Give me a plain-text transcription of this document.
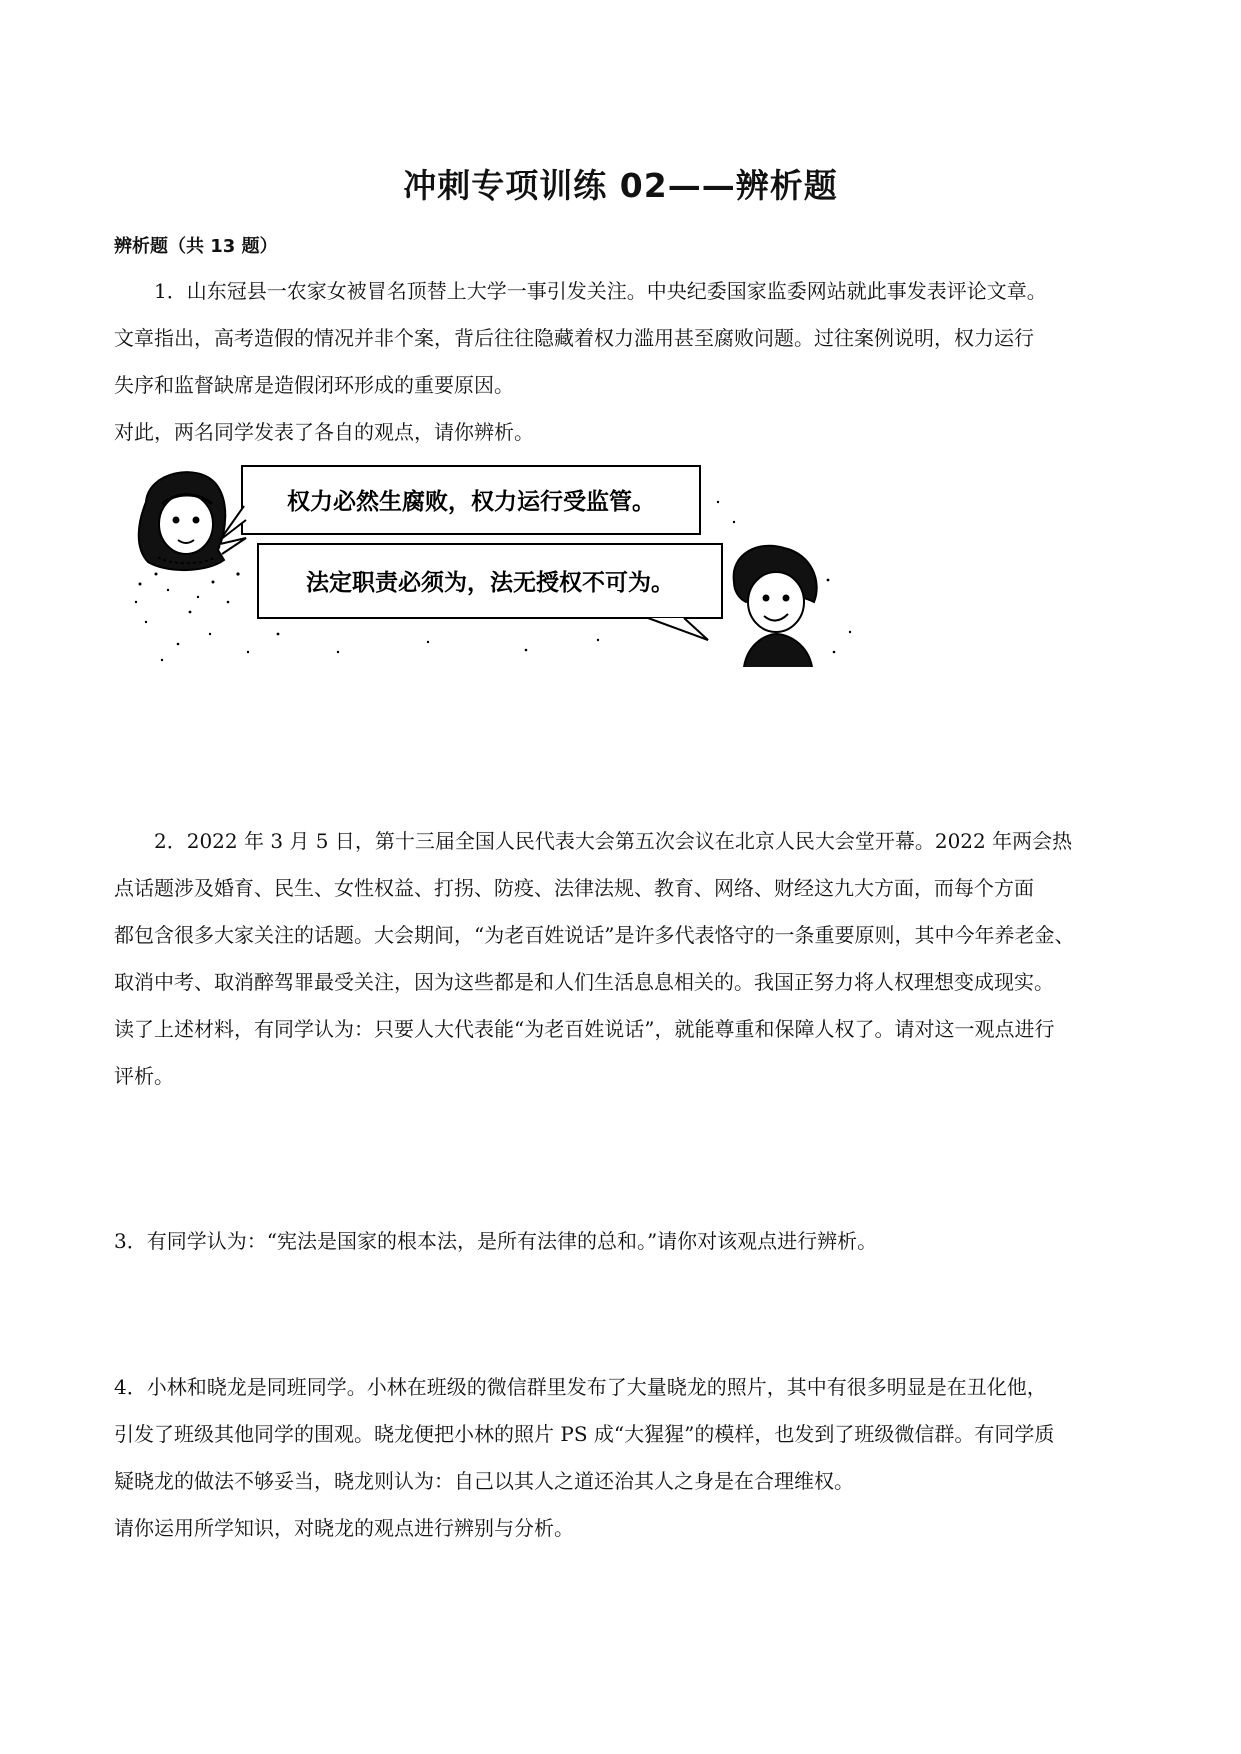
冲刺专项训练 02——辨析题
辨析题（共 13 题）

1．山东冠县一农家女被冒名顶替上大学一事引发关注。中央纪委国家监委网站就此事发表评论文章。

文章指出，高考造假的情况并非个案，背后往往隐藏着权力滥用甚至腐败问题。过往案例说明，权力运行

失序和监督缺席是造假闭环形成的重要原因。

对此，两名同学发表了各自的观点，请你辨析。

权力必然生腐败，权力运行受监管。
法定职责必须为，法无授权不可为。

2．2022 年 3 月 5 日，第十三届全国人民代表大会第五次会议在北京人民大会堂开幕。2022 年两会热

点话题涉及婚育、民生、女性权益、打拐、防疫、法律法规、教育、网络、财经这九大方面，而每个方面

都包含很多大家关注的话题。大会期间，“为老百姓说话”是许多代表恪守的一条重要原则，其中今年养老金、

取消中考、取消醉驾罪最受关注，因为这些都是和人们生活息息相关的。我国正努力将人权理想变成现实。

读了上述材料，有同学认为：只要人大代表能“为老百姓说话”，就能尊重和保障人权了。请对这一观点进行

评析。

3．有同学认为：“宪法是国家的根本法，是所有法律的总和。”请你对该观点进行辨析。

4．小林和晓龙是同班同学。小林在班级的微信群里发布了大量晓龙的照片，其中有很多明显是在丑化他，

引发了班级其他同学的围观。晓龙便把小林的照片 PS 成“大猩猩”的模样，也发到了班级微信群。有同学质

疑晓龙的做法不够妥当，晓龙则认为：自己以其人之道还治其人之身是在合理维权。

请你运用所学知识，对晓龙的观点进行辨别与分析。
